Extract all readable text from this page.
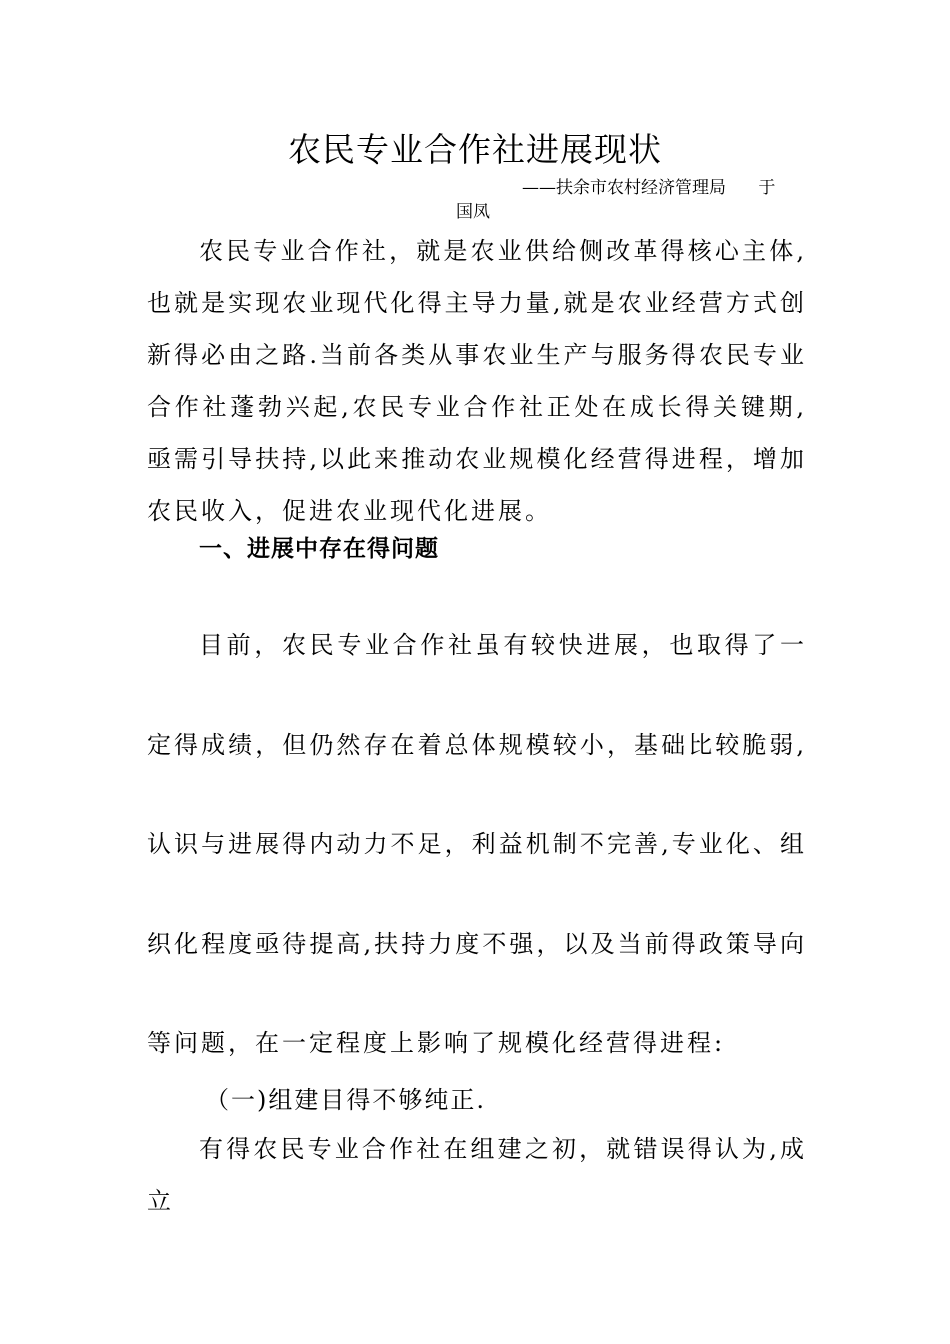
农民专业合作社进展现状
——扶余市农村经济管理局      于
国凤

农民专业合作社，就是农业供给侧改革得核心主体,也就是实现农业现代化得主导力量,就是农业经营方式创新得必由之路.当前各类从事农业生产与服务得农民专业合作社蓬勃兴起,农民专业合作社正处在成长得关键期,亟需引导扶持,以此来推动农业规模化经营得进程，增加农民收入，促进农业现代化进展。

一、进展中存在得问题

目前，农民专业合作社虽有较快进展，也取得了一定得成绩，但仍然存在着总体规模较小，基础比较脆弱,认识与进展得内动力不足，利益机制不完善,专业化、组织化程度亟待提高,扶持力度不强，以及当前得政策导向等问题，在一定程度上影响了规模化经营得进程:

（一)组建目得不够纯正.

有得农民专业合作社在组建之初，就错误得认为,成立
